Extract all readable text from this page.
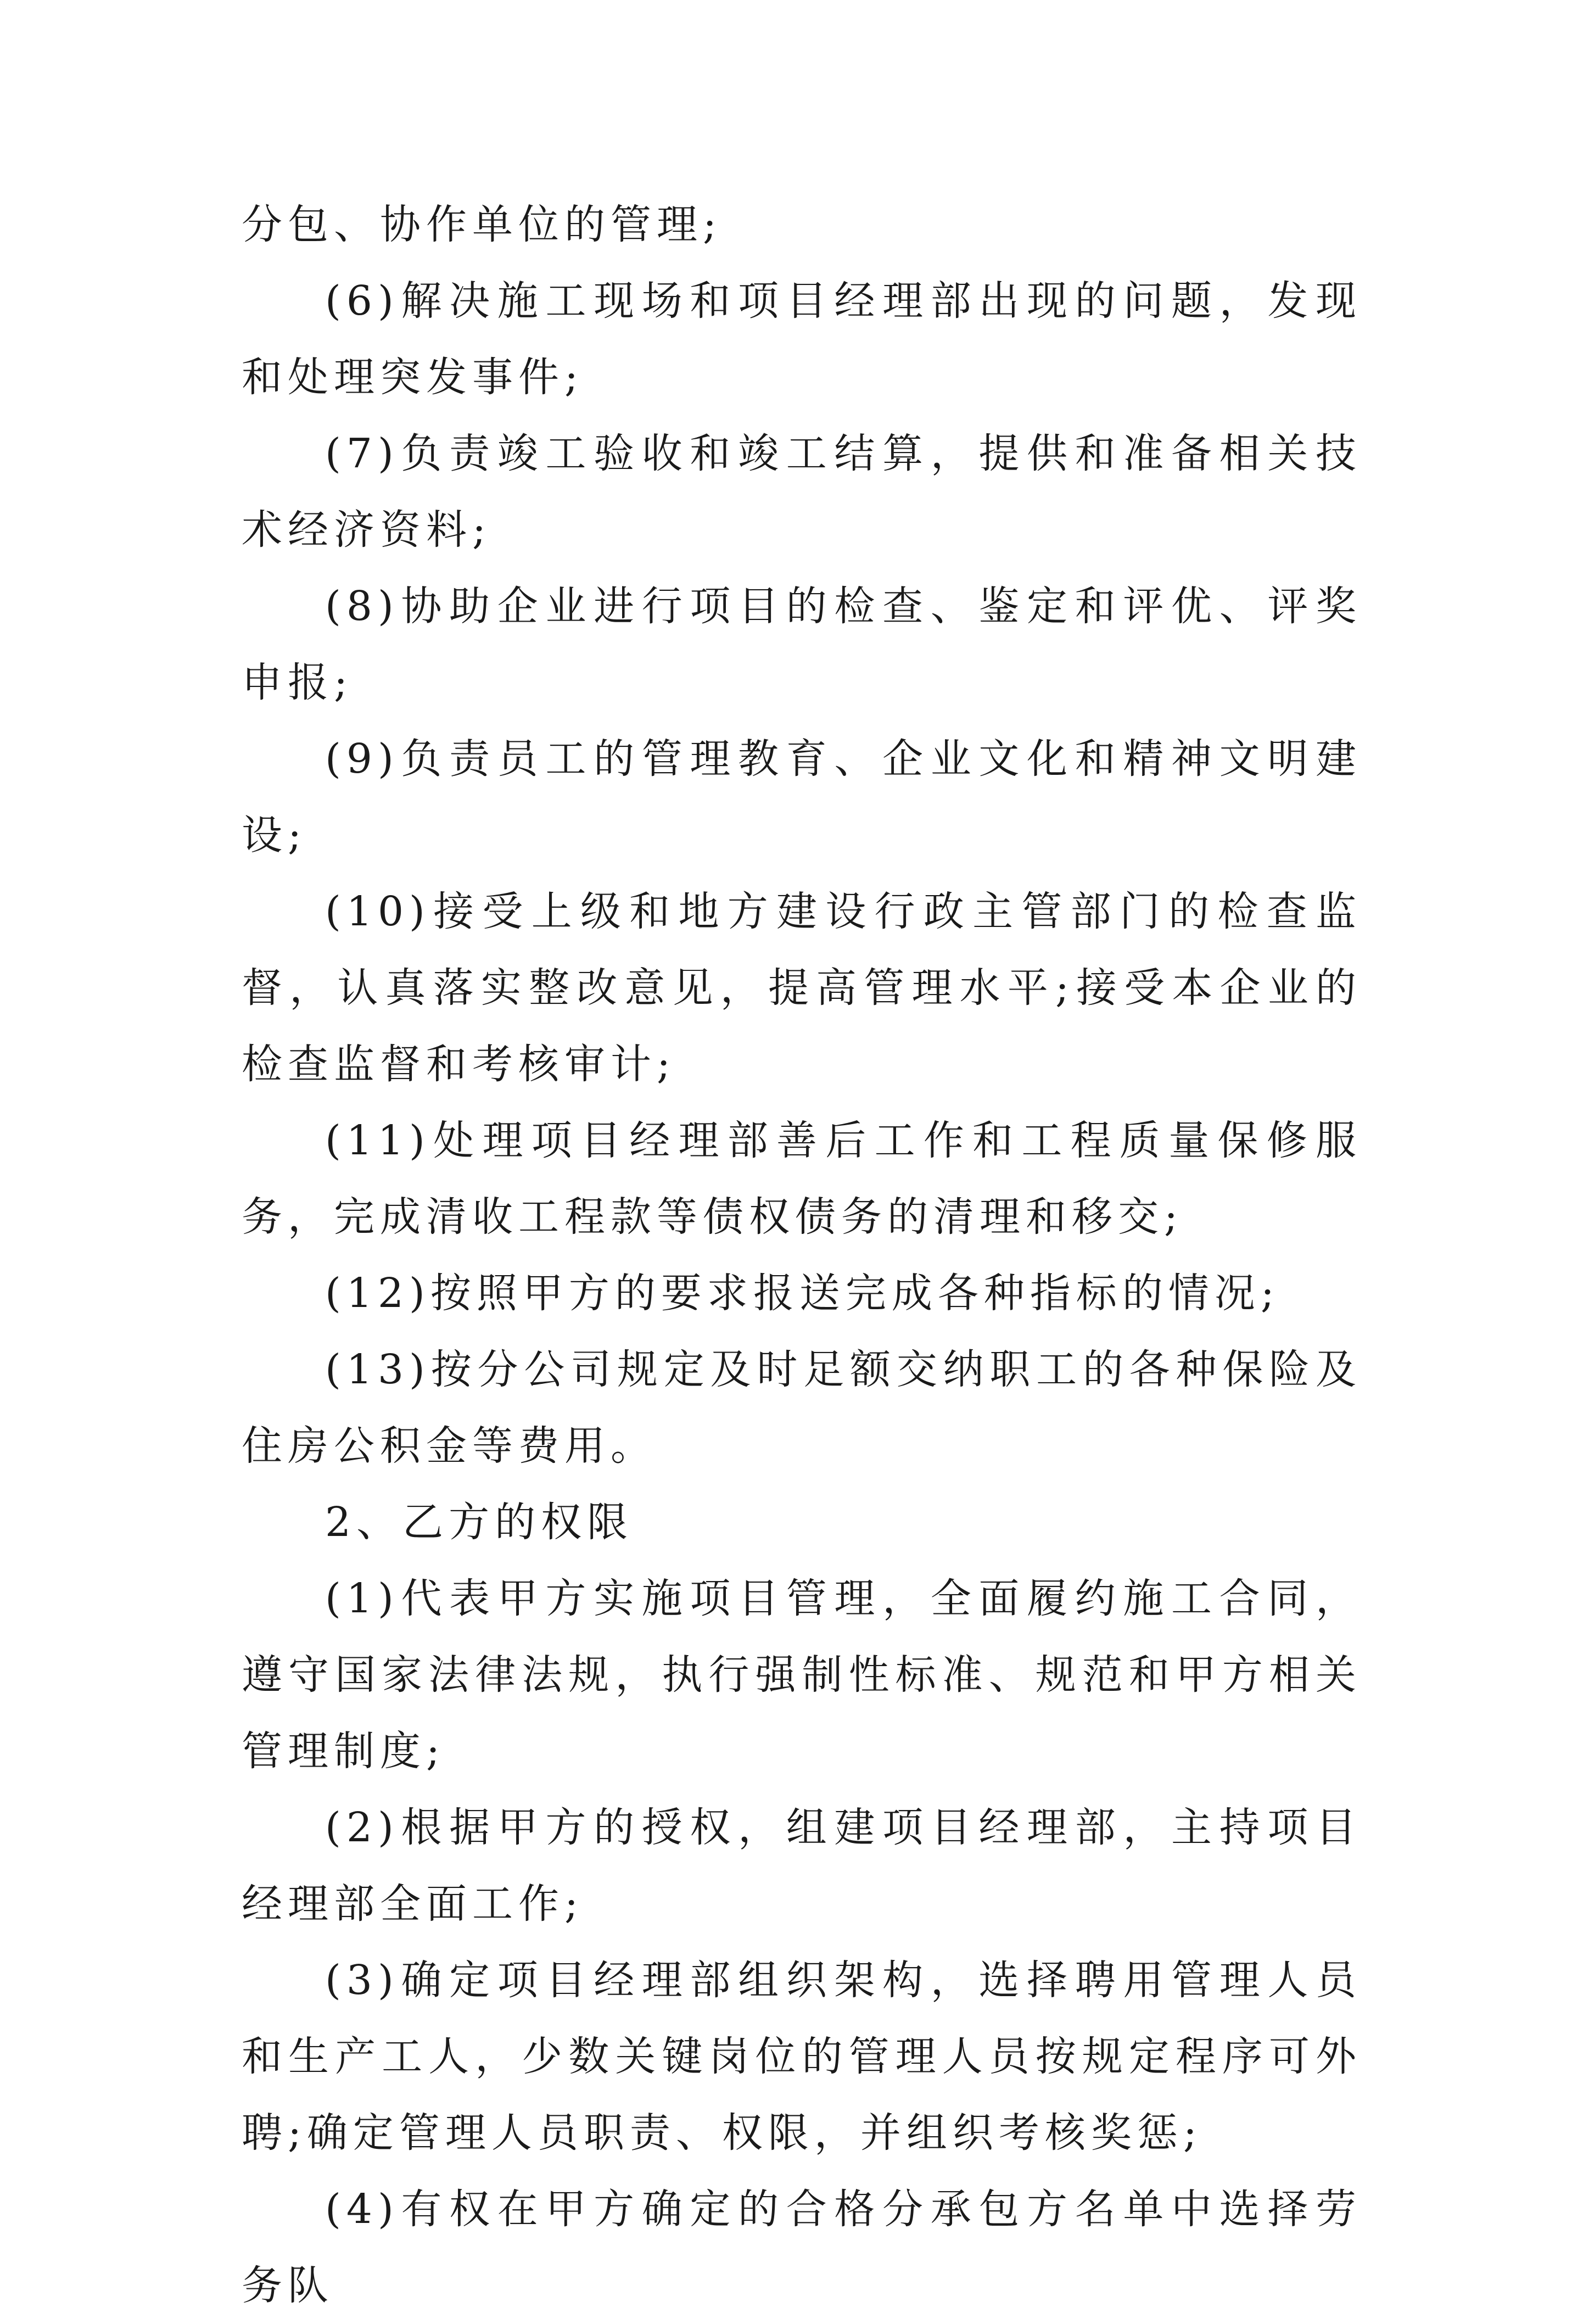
分包、协作单位的管理;

(6)解决施工现场和项目经理部出现的问题，发现和处理突发事件;

(7)负责竣工验收和竣工结算，提供和准备相关技术经济资料;

(8)协助企业进行项目的检查、鉴定和评优、评奖申报;

(9)负责员工的管理教育、企业文化和精神文明建设;

(10)接受上级和地方建设行政主管部门的检查监督，认真落实整改意见，提高管理水平;接受本企业的检查监督和考核审计;

(11)处理项目经理部善后工作和工程质量保修服务，完成清收工程款等债权债务的清理和移交;

(12)按照甲方的要求报送完成各种指标的情况;

(13)按分公司规定及时足额交纳职工的各种保险及住房公积金等费用。

2、乙方的权限

(1)代表甲方实施项目管理，全面履约施工合同，遵守国家法律法规，执行强制性标准、规范和甲方相关管理制度;

(2)根据甲方的授权，组建项目经理部，主持项目经理部全面工作;

(3)确定项目经理部组织架构，选择聘用管理人员和生产工人，少数关键岗位的管理人员按规定程序可外聘;确定管理人员职责、权限，并组织考核奖惩;

(4)有权在甲方确定的合格分承包方名单中选择劳务队
